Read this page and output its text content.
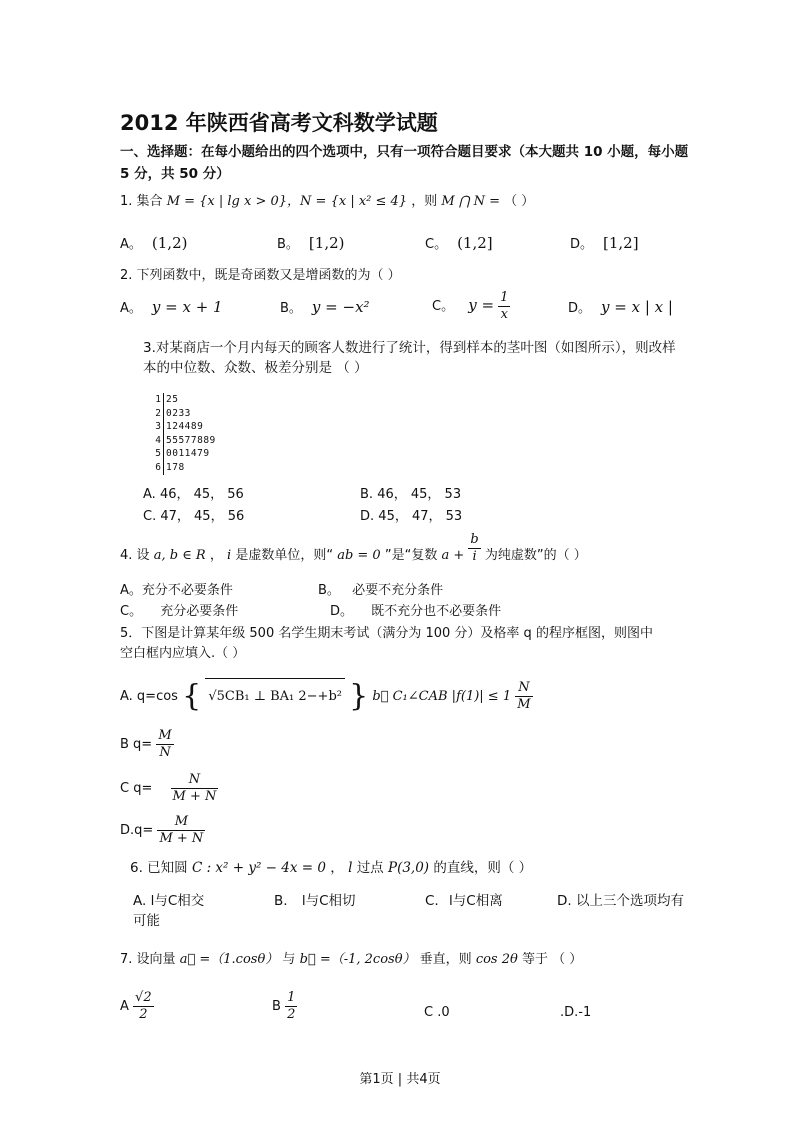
2012 年陕西省高考文科数学试题
一、选择题：在每小题给出的四个选项中，只有一项符合题目要求（本大题共 10 小题，每小题 5 分，共 50 分）
1. 集合 M = {x | lg x > 0}，N = {x | x² ≤ 4} ，则 M ⋂ N = （ ）
A。 (1,2)	B。 [1,2)	C。 (1,2]	D。 [1,2]
2. 下列函数中，既是奇函数又是增函数的为（ ）
A。 y = x + 1	B。 y = −x²	C。 $y = \frac{1}{x}$	D。 y = x | x |
3.对某商店一个月内每天的顾客人数进行了统计，得到样本的茎叶图（如图所示），则改样
本的中位数、众数、极差分别是 （ ）
1 25
2 0233
3 124489
4 55577889
5 0011479
6 178
A. 46， 45， 56	B. 46， 45， 53
C. 47， 45， 56	D. 45， 47， 53
4. 设 a, b ∈ R ， i 是虚数单位，则“ ab = 0 ”是“复数 $a + \frac{b}{i}$ 为纯虚数”的（ ）
A。充分不必要条件	B。 必要不充分条件
C。 充分必要条件	D。 既不充分也不必要条件
5．下图是计算某年级 500 名学生期末考试（满分为 100 分）及格率 q 的程序框图，则图中
空白框内应填入.（ ）
A. q=cos { √5CB₁ ⊥ BA₁ 2−+b² } b⃗ C₁∠CAB $|f(1)| \le 1 \frac{N}{M}$
B $q= \frac{M}{N}$
C $q= \frac{N}{M + N}$
$D.q= \frac{M}{M + N}$
6. 已知圆 C : x² + y² − 4x = 0 ， l 过点 P(3,0) 的直线，则（ ）
A. l与C相交	B. l与C相切	C. l与C相离	D. 以上三个选项均有
可能
7. 设向量 a⃗ =（1.cosθ） 与 b⃗ =（-1, 2cosθ） 垂直，则 cos 2θ 等于 （ ）
A $\frac{√2}{2}$	B $\frac{1}{2}$	C .0	.D.-1
第1页 | 共4页
